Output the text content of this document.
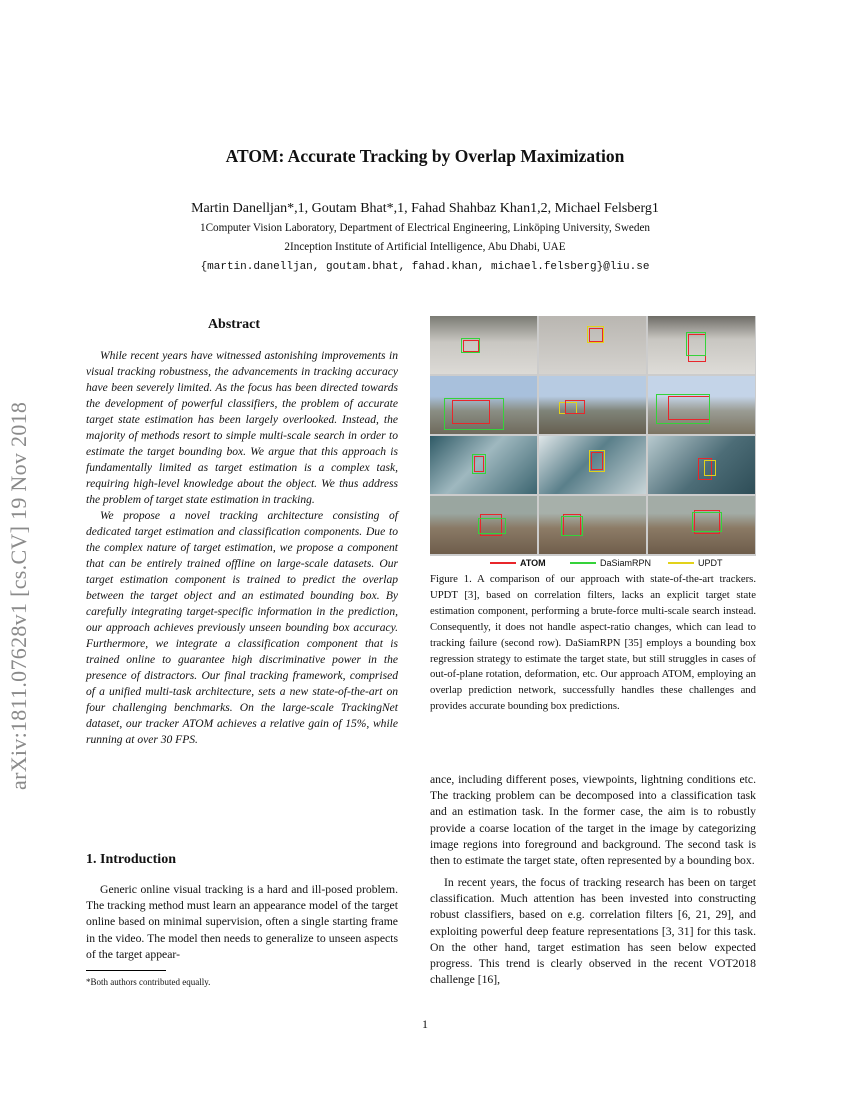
arXiv:1811.07628v1 [cs.CV] 19 Nov 2018
ATOM: Accurate Tracking by Overlap Maximization
Martin Danelljan*,1, Goutam Bhat*,1, Fahad Shahbaz Khan1,2, Michael Felsberg1
1Computer Vision Laboratory, Department of Electrical Engineering, Linköping University, Sweden
2Inception Institute of Artificial Intelligence, Abu Dhabi, UAE
{martin.danelljan, goutam.bhat, fahad.khan, michael.felsberg}@liu.se
Abstract

While recent years have witnessed astonishing improvements in visual tracking robustness, the advancements in tracking accuracy have been severely limited. As the focus has been directed towards the development of powerful classifiers, the problem of accurate target state estimation has been largely overlooked. Instead, the majority of methods resort to simple multi-scale search in order to estimate the target bounding box. We argue that this approach is fundamentally limited as target estimation is a complex task, requiring high-level knowledge about the object. We thus address the problem of target state estimation in tracking.

We propose a novel tracking architecture consisting of dedicated target estimation and classification components. Due to the complex nature of target estimation, we propose a component that can be entirely trained offline on large-scale datasets. Our target estimation component is trained to predict the overlap between the target object and an estimated bounding box. By carefully integrating target-specific information in the prediction, our approach achieves previously unseen bounding box accuracy. Furthermore, we integrate a classification component that is trained online to guarantee high discriminative power in the presence of distractors. Our final tracking framework, comprised of a unified multi-task architecture, sets a new state-of-the-art on four challenging benchmarks. On the large-scale TrackingNet dataset, our tracker ATOM achieves a relative gain of 15%, while running at over 30 FPS.

1. Introduction

Generic online visual tracking is a hard and ill-posed problem. The tracking method must learn an appearance model of the target online based on minimal supervision, often a single starting frame in the video. The model then needs to generalize to unseen aspects of the target appear-

*Both authors contributed equally.
ATOM	DaSiamRPN	UPDT

Figure 1. A comparison of our approach with state-of-the-art trackers. UPDT [3], based on correlation filters, lacks an explicit target state estimation component, performing a brute-force multi-scale search instead. Consequently, it does not handle aspect-ratio changes, which can lead to tracking failure (second row). DaSiamRPN [35] employs a bounding box regression strategy to estimate the target state, but still struggles in cases of out-of-plane rotation, deformation, etc. Our approach ATOM, employing an overlap prediction network, successfully handles these challenges and provides accurate bounding box predictions.

ance, including different poses, viewpoints, lightning conditions etc. The tracking problem can be decomposed into a classification task and an estimation task. In the former case, the aim is to robustly provide a coarse location of the target in the image by categorizing image regions into foreground and background. The second task is then to estimate the target state, often represented by a bounding box.

In recent years, the focus of tracking research has been on target classification. Much attention has been invested into constructing robust classifiers, based on e.g. correlation filters [6, 21, 29], and exploiting powerful deep feature representations [3, 31] for this task. On the other hand, target estimation has seen below expected progress. This trend is clearly observed in the recent VOT2018 challenge [16],

1
